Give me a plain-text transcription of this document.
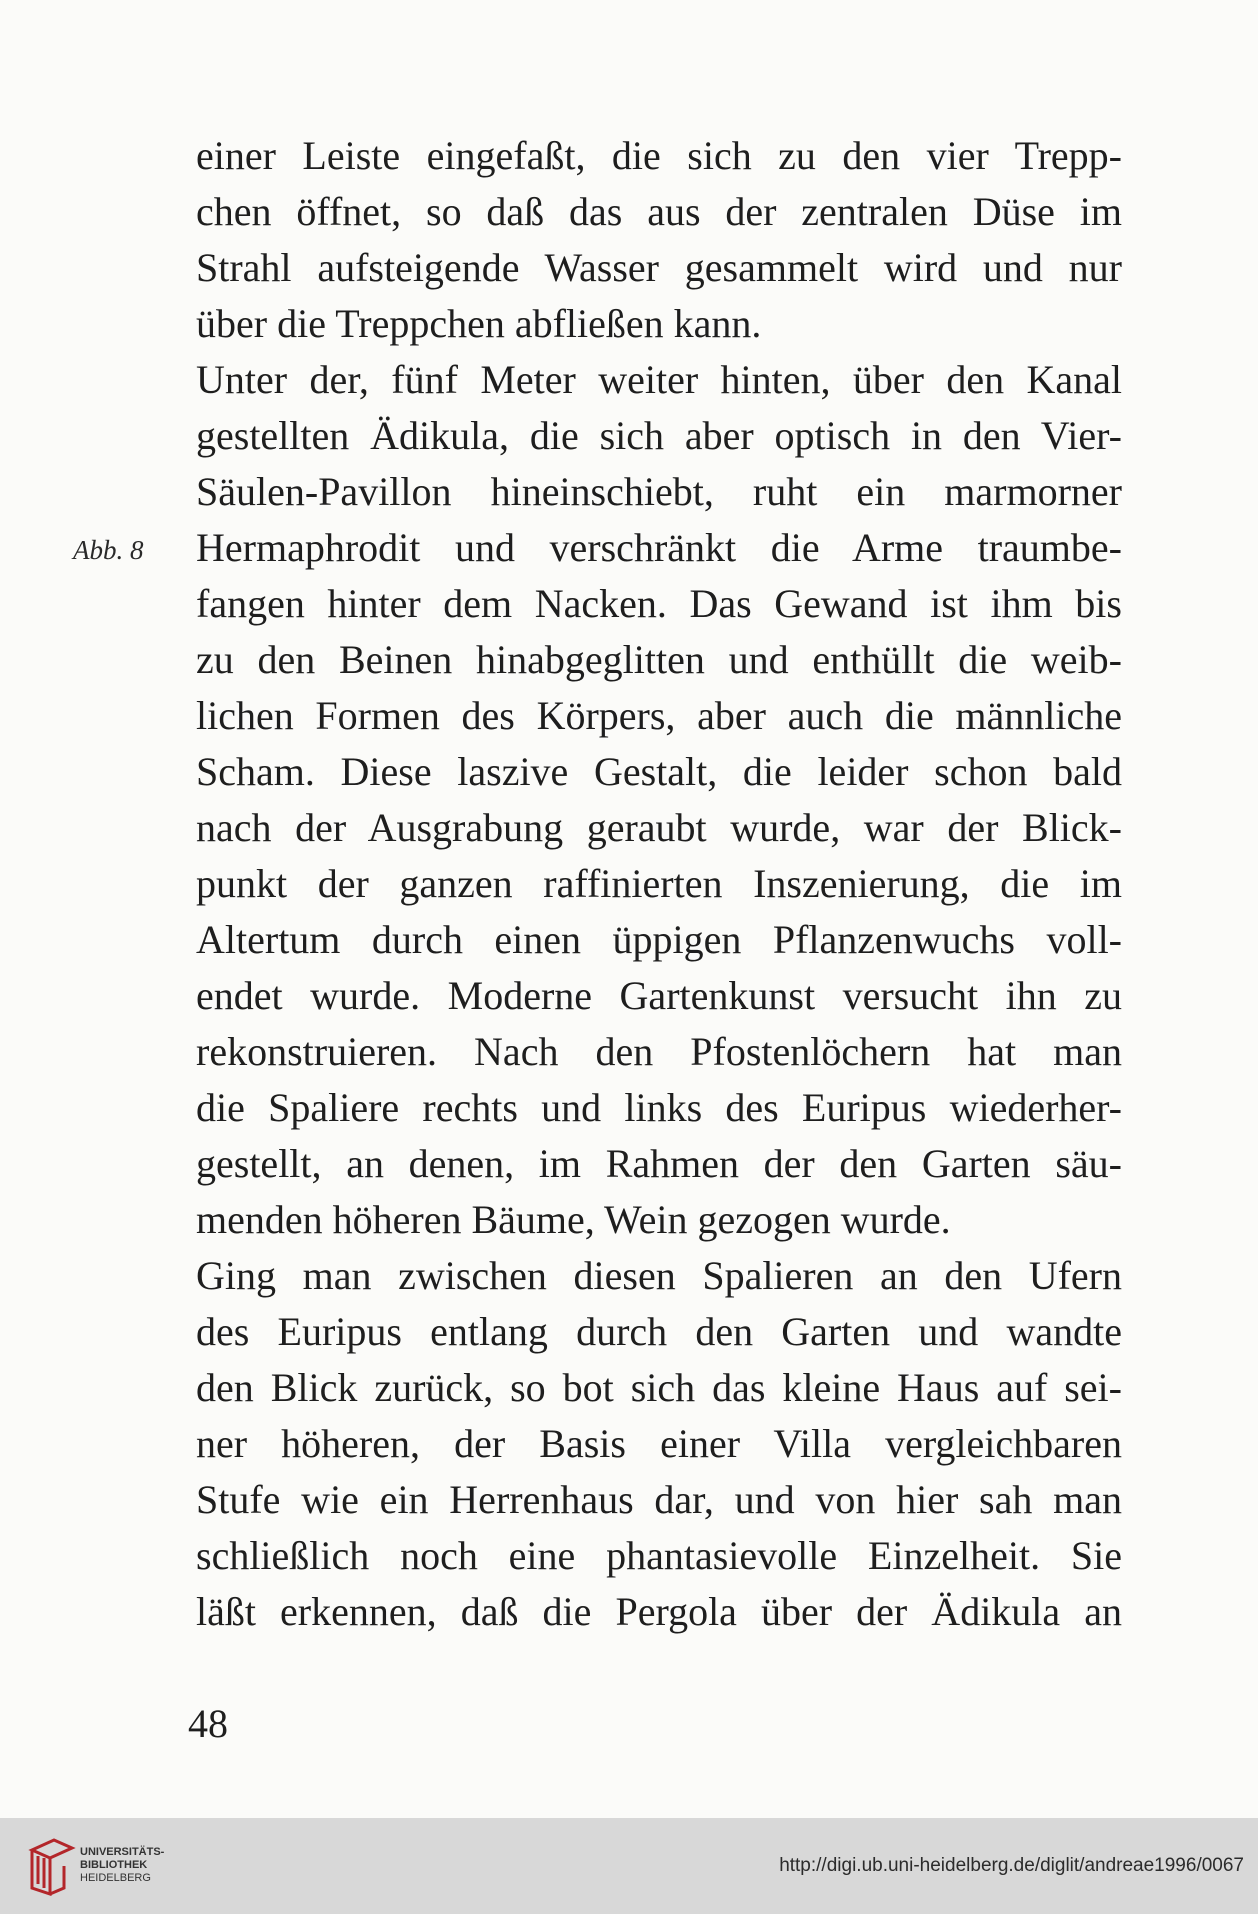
einer Leiste eingefaßt, die sich zu den vier Trepp-
chen öffnet, so daß das aus der zentralen Düse im
Strahl aufsteigende Wasser gesammelt wird und nur
über die Treppchen abfließen kann.
Unter der, fünf Meter weiter hinten, über den Kanal
gestellten Ädikula, die sich aber optisch in den Vier-
Säulen-Pavillon hineinschiebt, ruht ein marmorner
Hermaphrodit und verschränkt die Arme traumbe-
fangen hinter dem Nacken. Das Gewand ist ihm bis
zu den Beinen hinabgeglitten und enthüllt die weib-
lichen Formen des Körpers, aber auch die männliche
Scham. Diese laszive Gestalt, die leider schon bald
nach der Ausgrabung geraubt wurde, war der Blick-
punkt der ganzen raffinierten Inszenierung, die im
Altertum durch einen üppigen Pflanzenwuchs voll-
endet wurde. Moderne Gartenkunst versucht ihn zu
rekonstruieren. Nach den Pfostenlöchern hat man
die Spaliere rechts und links des Euripus wiederher-
gestellt, an denen, im Rahmen der den Garten säu-
menden höheren Bäume, Wein gezogen wurde.
Ging man zwischen diesen Spalieren an den Ufern
des Euripus entlang durch den Garten und wandte
den Blick zurück, so bot sich das kleine Haus auf sei-
ner höheren, der Basis einer Villa vergleichbaren
Stufe wie ein Herrenhaus dar, und von hier sah man
schließlich noch eine phantasievolle Einzelheit. Sie
läßt erkennen, daß die Pergola über der Ädikula an
Abb. 8
48
UNIVERSITÄTS-
BIBLIOTHEK
HEIDELBERG
http://digi.ub.uni-heidelberg.de/diglit/andreae1996/0067
